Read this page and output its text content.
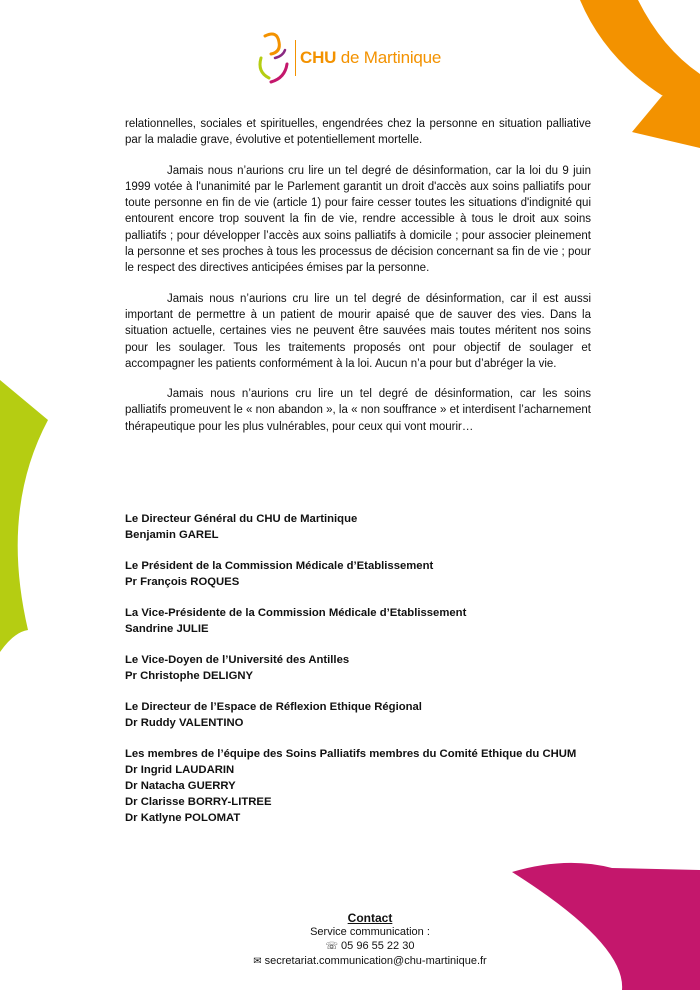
CHU de Martinique

relationnelles, sociales et spirituelles, engendrées chez la personne en situation palliative par la maladie grave, évolutive et potentiellement mortelle.

Jamais nous n’aurions cru lire un tel degré de désinformation, car la loi du 9 juin 1999 votée à l'unanimité par le Parlement garantit un droit d'accès aux soins palliatifs pour toute personne en fin de vie (article 1) pour faire cesser toutes les situations d'indignité qui entourent encore trop souvent la fin de vie, rendre accessible à tous le droit aux soins palliatifs ; pour développer l’accès aux soins palliatifs à domicile ; pour associer pleinement la personne et ses proches à tous les processus de décision concernant sa fin de vie ; pour le respect des directives anticipées émises par la personne.

Jamais nous n’aurions cru lire un tel degré de désinformation, car il est aussi important de permettre à un patient de mourir apaisé que de sauver des vies. Dans la situation actuelle, certaines vies ne peuvent être sauvées mais toutes méritent nos soins pour les soulager. Tous les traitements proposés ont pour objectif de soulager et accompagner les patients conformément à la loi. Aucun n’a pour but d’abréger la vie.

Jamais nous n’aurions cru lire un tel degré de désinformation, car les soins palliatifs promeuvent le « non abandon », la « non souffrance » et interdisent l’acharnement thérapeutique pour les plus vulnérables, pour ceux qui vont mourir…

Le Directeur Général du CHU de Martinique
Benjamin GAREL
Le Président de la Commission Médicale d’Etablissement
Pr François ROQUES
La Vice-Présidente de la Commission Médicale d’Etablissement
Sandrine JULIE
Le Vice-Doyen de l’Université des Antilles
Pr Christophe DELIGNY
Le Directeur de l’Espace de Réflexion Ethique Régional
Dr Ruddy VALENTINO
Les membres de l’équipe des Soins Palliatifs membres du Comité Ethique du CHUM
Dr Ingrid LAUDARIN
Dr Natacha GUERRY
Dr Clarisse BORRY-LITREE
Dr Katlyne POLOMAT
Contact
Service communication :
☏ 05 96 55 22 30
✉ secretariat.communication@chu-martinique.fr
